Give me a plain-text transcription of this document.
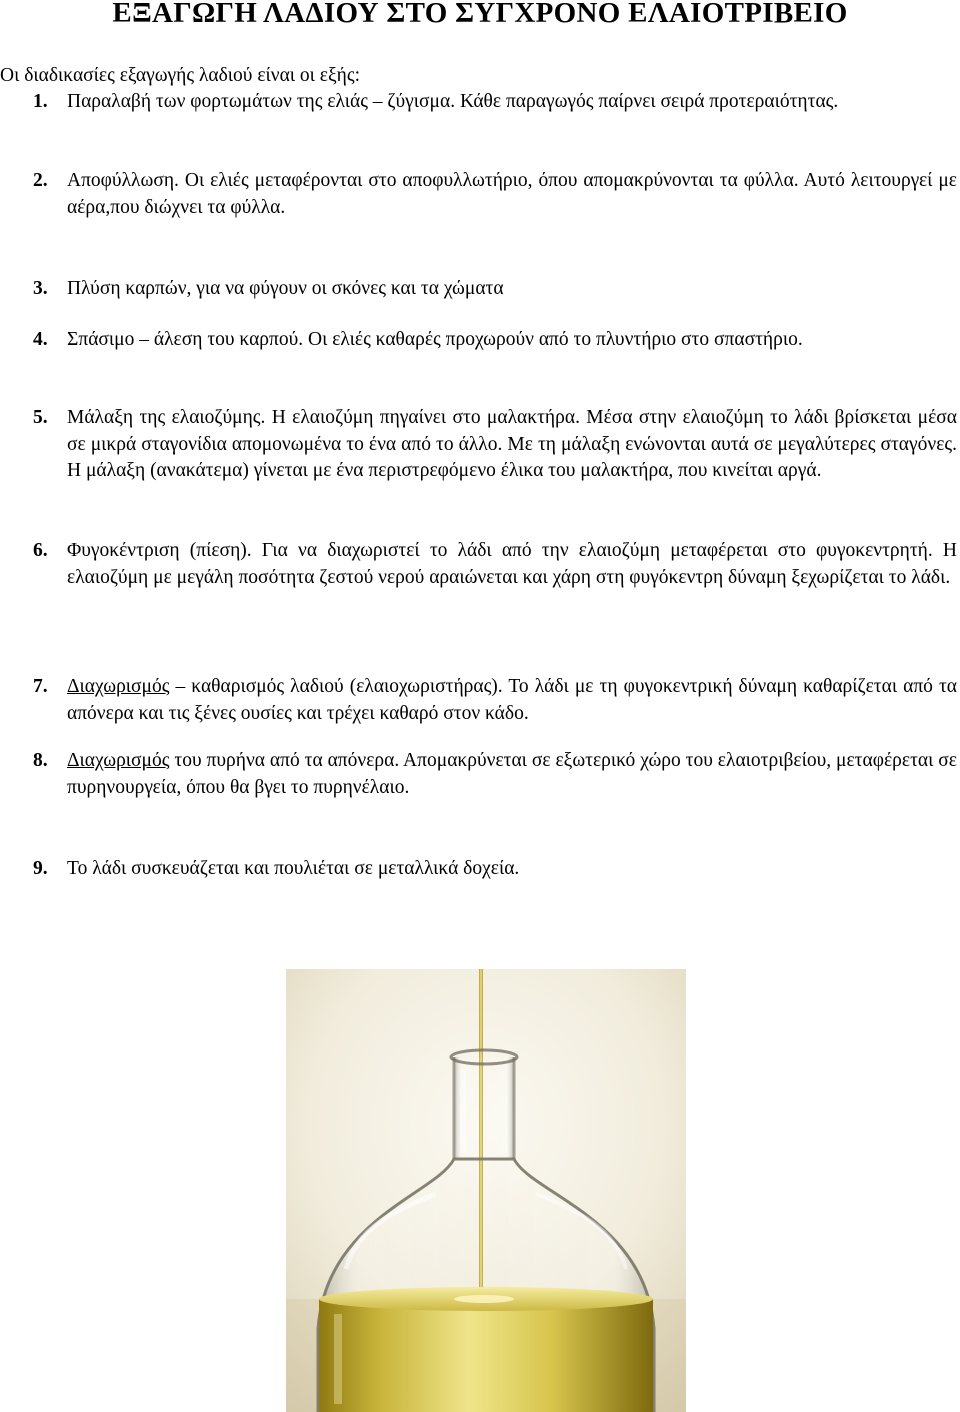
ΕΞΑΓΩΓΗ ΛΑΔΙΟΥ ΣΤΟ ΣΥΓΧΡΟΝΟ ΕΛΑΙΟΤΡΙΒΕΙΟ

Οι διαδικασίες εξαγωγής λαδιού είναι οι εξής:

1. Παραλαβή των φορτωμάτων της ελιάς – ζύγισμα. Κάθε παραγωγός παίρνει σειρά προτεραιότητας.
2. Αποφύλλωση. Οι ελιές μεταφέρονται στο αποφυλλωτήριο, όπου απομακρύνονται τα φύλλα. Αυτό λειτουργεί με αέρα,που διώχνει τα φύλλα.
3. Πλύση καρπών, για να φύγουν οι σκόνες και τα χώματα
4. Σπάσιμο – άλεση του καρπού. Οι ελιές καθαρές προχωρούν από το πλυντήριο στο σπαστήριο.
5. Μάλαξη της ελαιοζύμης. Η ελαιοζύμη πηγαίνει στο μαλακτήρα. Μέσα στην ελαιοζύμη το λάδι βρίσκεται μέσα σε μικρά σταγονίδια απομονωμένα το ένα από το άλλο. Με τη μάλαξη ενώνονται αυτά σε μεγαλύτερες σταγόνες. Η μάλαξη (ανακάτεμα) γίνεται με ένα περιστρεφόμενο έλικα του μαλακτήρα, που κινείται αργά.
6. Φυγοκέντριση (πίεση). Για να διαχωριστεί το λάδι από την ελαιοζύμη μεταφέρεται στο φυγοκεντρητή. Η ελαιοζύμη με μεγάλη ποσότητα ζεστού νερού αραιώνεται και χάρη στη φυγόκεντρη δύναμη ξεχωρίζεται το λάδι.
7. Διαχωρισμός – καθαρισμός λαδιού (ελαιοχωριστήρας). Το λάδι με τη φυγοκεντρική δύναμη καθαρίζεται από τα απόνερα και τις ξένες ουσίες και τρέχει καθαρό στον κάδο.
8. Διαχωρισμός του πυρήνα από τα απόνερα. Απομακρύνεται σε εξωτερικό χώρο του ελαιοτριβείου, μεταφέρεται σε πυρηνουργεία, όπου θα βγει το πυρηνέλαιο.
9. Το λάδι συσκευάζεται και πουλιέται σε μεταλλικά δοχεία.
